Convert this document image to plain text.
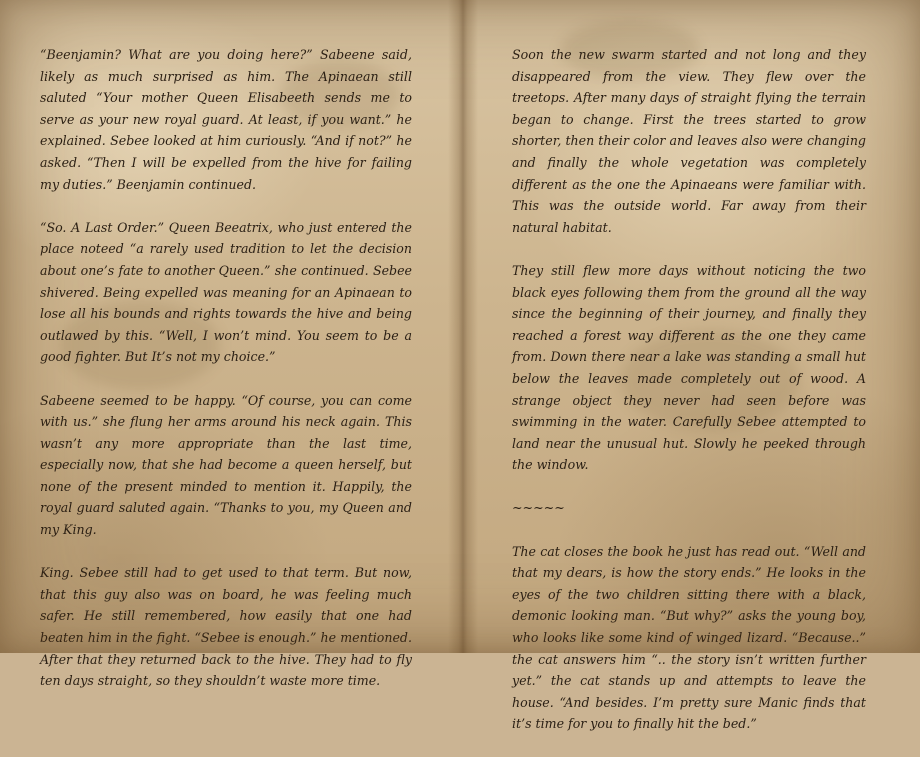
“Beenjamin? What are you doing here?” Sabeene said, likely as much surprised as him. The Apinaean still saluted “Your mother Queen Elisabeeth sends me to serve as your new royal guard. At least, if you want.” he explained. Sebee looked at him curiously. “And if not?” he asked. “Then I will be expelled from the hive for failing my duties.” Beenjamin continued.

“So. A Last Order.” Queen Beeatrix, who just entered the place noteed “a rarely used tradition to let the decision about one’s fate to another Queen.” she continued. Sebee shivered. Being expelled was meaning for an Apinaean to lose all his bounds and rights towards the hive and being outlawed by this. “Well, I won’t mind. You seem to be a good fighter. But It’s not my choice.”

Sabeene seemed to be happy. “Of course, you can come with us.” she flung her arms around his neck again. This wasn’t any more appropriate than the last time, especially now, that she had become a queen herself, but none of the present minded to mention it. Happily, the royal guard saluted again. “Thanks to you, my Queen and my King.

King. Sebee still had to get used to that term. But now, that this guy also was on board, he was feeling much safer. He still remembered, how easily that one had beaten him in the fight. “Sebee is enough.” he mentioned. After that they returned back to the hive. They had to fly ten days straight, so they shouldn’t waste more time.

Soon the new swarm started and not long and they disappeared from the view. They flew over the treetops. After many days of straight flying the terrain began to change. First the trees started to grow shorter, then their color and leaves also were changing and finally the whole vegetation was completely different as the one the Apinaeans were familiar with. This was the outside world. Far away from their natural habitat.

They still flew more days without noticing the two black eyes following them from the ground all the way since the beginning of their journey, and finally they reached a forest way different as the one they came from. Down there near a lake was standing a small hut below the leaves made completely out of wood. A strange object they never had seen before was swimming in the water. Carefully Sebee attempted to land near the unusual hut. Slowly he peeked through the window.

~~~~~

The cat closes the book he just has read out. “Well and that my dears, is how the story ends.” He looks in the eyes of the two children sitting there with a black, demonic looking man. “But why?” asks the young boy, who looks like some kind of winged lizard. “Because..” the cat answers him “.. the story isn’t written further yet.” the cat stands up and attempts to leave the house. “And besides. I’m pretty sure Manic finds that it’s time for you to finally hit the bed.”
